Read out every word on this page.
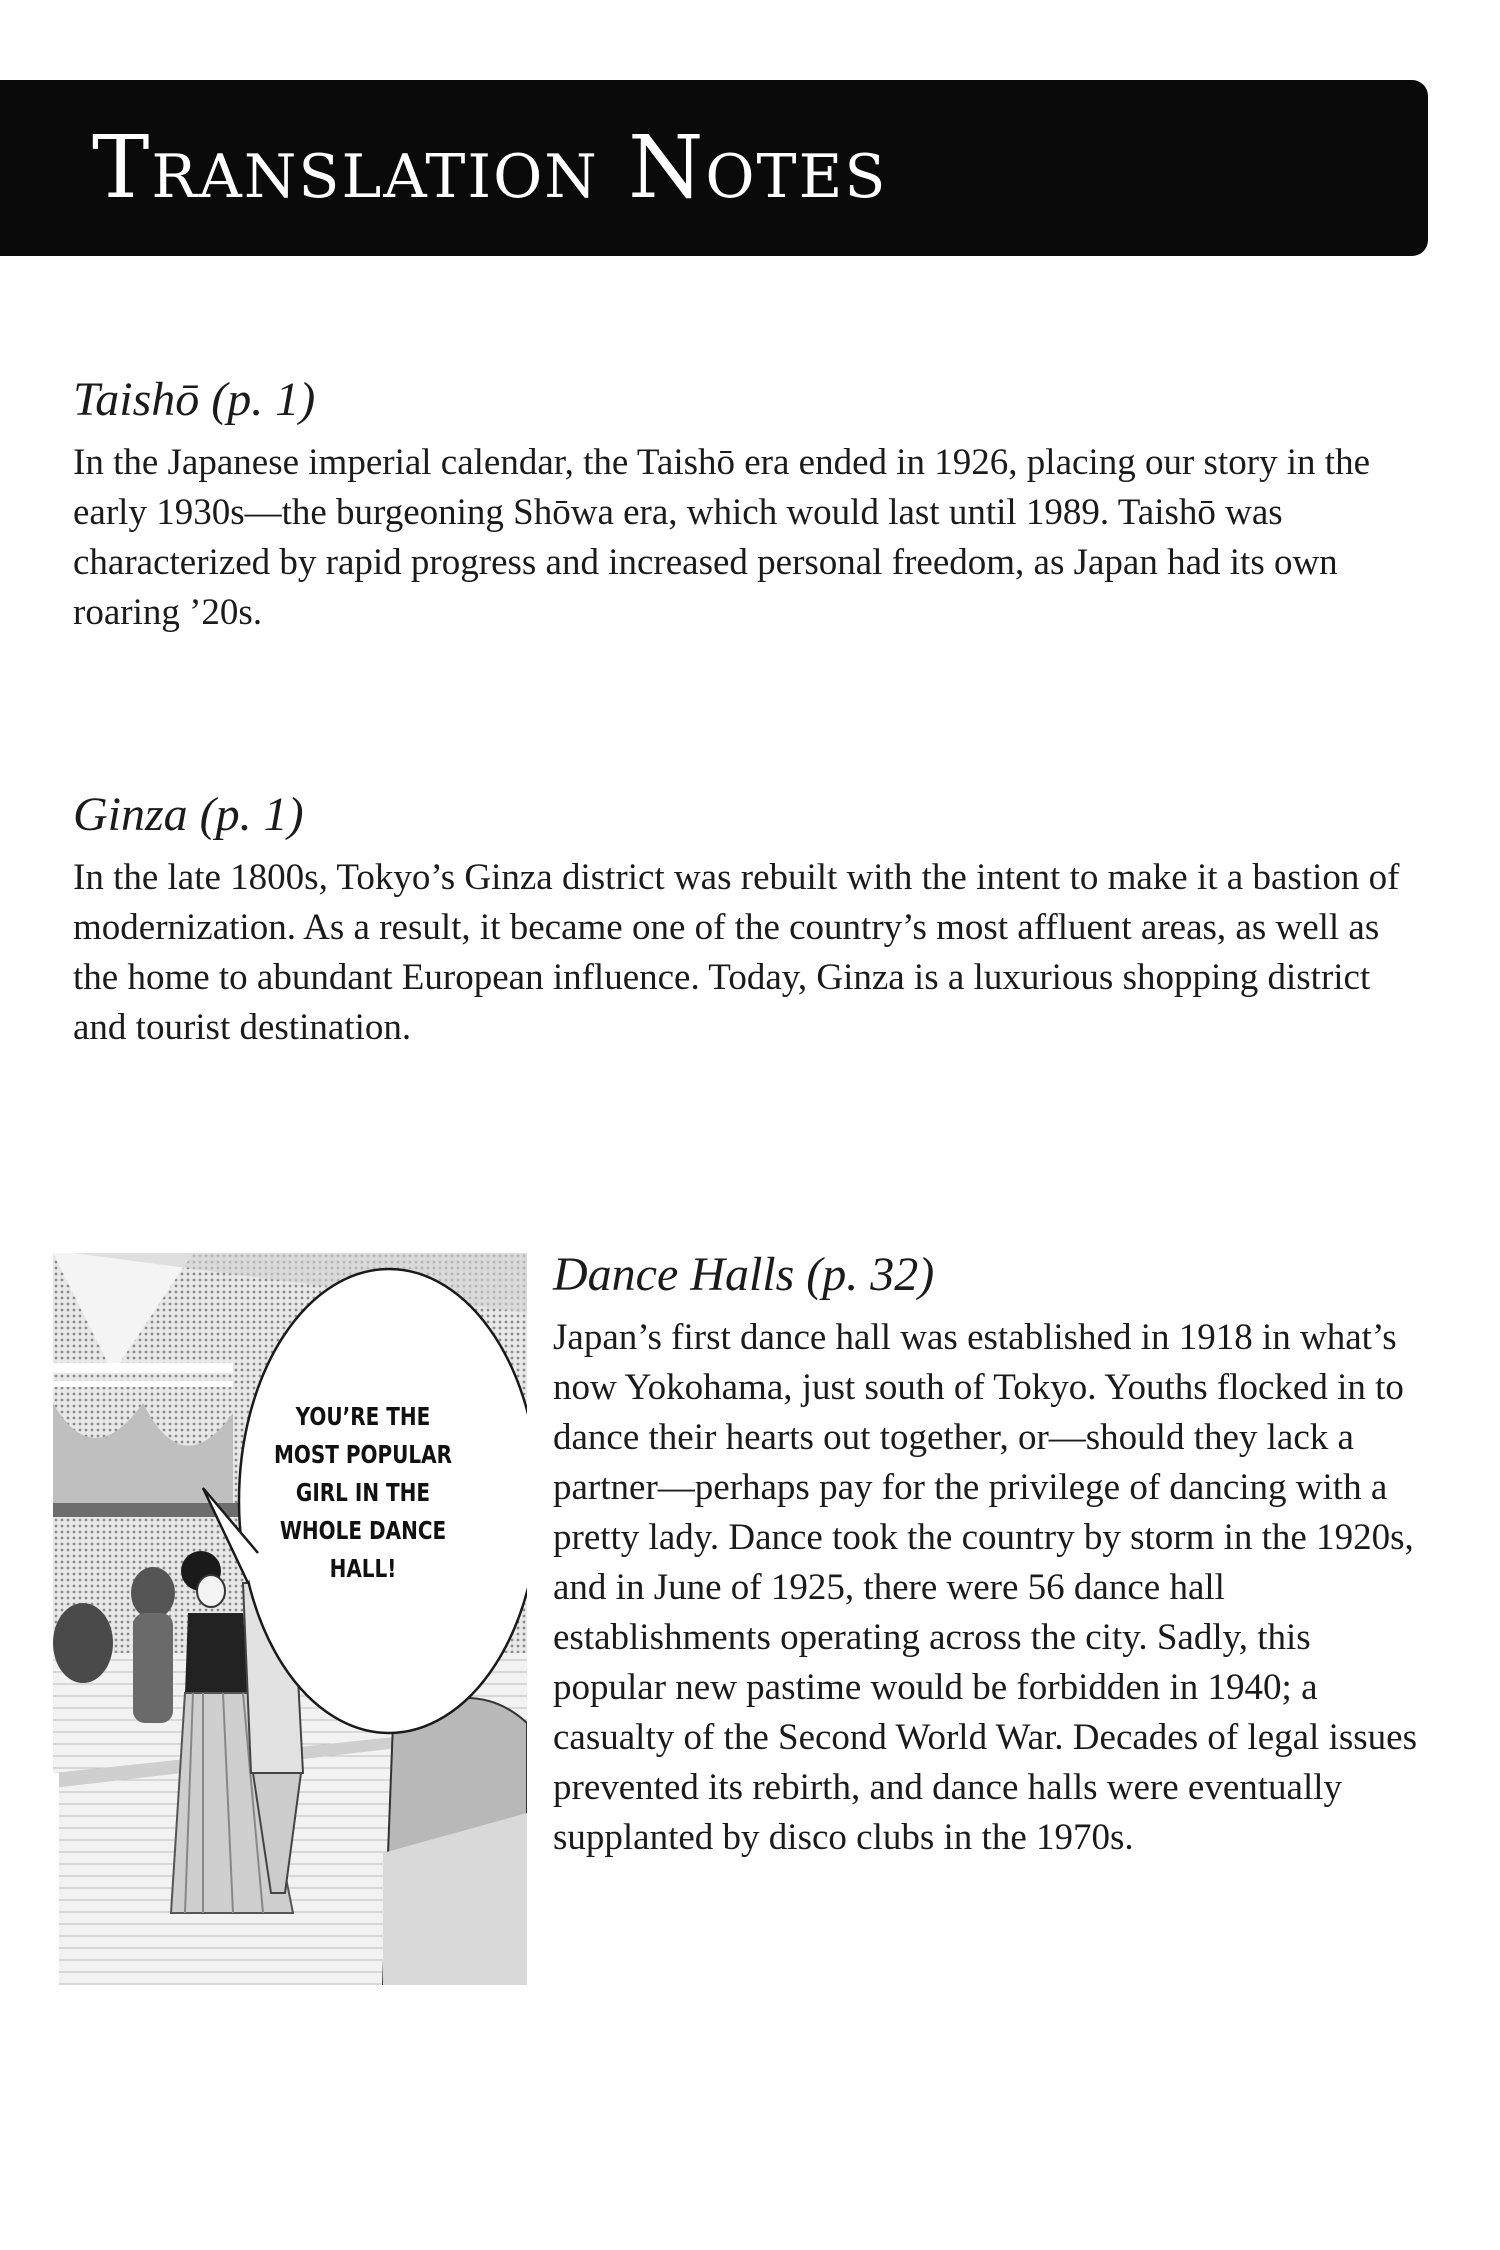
Translation Notes
Taishō (p. 1)

In the Japanese imperial calendar, the Taishō era ended in 1926, placing our story in the early 1930s—the burgeoning Shōwa era, which would last until 1989. Taishō was characterized by rapid progress and increased personal freedom, as Japan had its own roaring ’20s.

Ginza (p. 1)

In the late 1800s, Tokyo’s Ginza district was rebuilt with the intent to make it a bastion of modernization. As a result, it became one of the country’s most affluent areas, as well as the home to abundant European influence. Today, Ginza is a luxurious shopping district and tourist destination.

YOU’RE THE MOST POPULAR GIRL IN THE WHOLE DANCE HALL!
Dance Halls (p. 32)

Japan’s first dance hall was established in 1918 in what’s now Yokohama, just south of Tokyo. Youths flocked in to dance their hearts out together, or—should they lack a partner—perhaps pay for the privilege of dancing with a pretty lady. Dance took the country by storm in the 1920s, and in June of 1925, there were 56 dance hall establishments operating across the city. Sadly, this popular new pastime would be forbidden in 1940; a casualty of the Second World War. Decades of legal issues prevented its rebirth, and dance halls were eventually supplanted by disco clubs in the 1970s.
